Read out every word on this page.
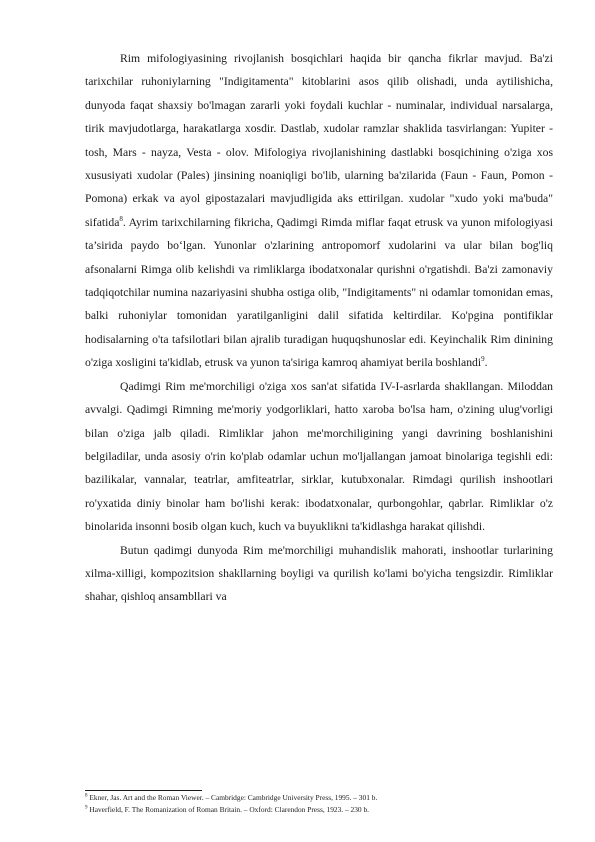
Rim mifologiyasining rivojlanish bosqichlari haqida bir qancha fikrlar mavjud. Ba'zi tarixchilar ruhoniylarning "Indigitamenta" kitoblarini asos qilib olishadi, unda aytilishicha, dunyoda faqat shaxsiy bo'lmagan zararli yoki foydali kuchlar - numinalar, individual narsalarga, tirik mavjudotlarga, harakatlarga xosdir. Dastlab, xudolar ramzlar shaklida tasvirlangan: Yupiter - tosh, Mars - nayza, Vesta - olov. Mifologiya rivojlanishining dastlabki bosqichining o'ziga xos xususiyati xudolar (Pales) jinsining noaniqligi bo'lib, ularning ba'zilarida (Faun - Faun, Pomon - Pomona) erkak va ayol gipostazalari mavjudligida aks ettirilgan. xudolar "xudo yoki ma'buda" sifatida$^8$. Ayrim tarixchilarning fikricha, Qadimgi Rimda miflar faqat etrusk va yunon mifologiyasi ta’sirida paydo bo‘lgan. Yunonlar o'zlarining antropomorf xudolarini va ular bilan bog'liq afsonalarni Rimga olib kelishdi va rimliklarga ibodatxonalar qurishni o'rgatishdi. Ba'zi zamonaviy tadqiqotchilar numina nazariyasini shubha ostiga olib, "Indigitaments" ni odamlar tomonidan emas, balki ruhoniylar tomonidan yaratilganligini dalil sifatida keltirdilar. Ko'pgina pontifiklar hodisalarning o'ta tafsilotlari bilan ajralib turadigan huquqshunoslar edi. Keyinchalik Rim dinining o'ziga xosligini ta'kidlab, etrusk va yunon ta'siriga kamroq ahamiyat berila boshlandi$^9$.

Qadimgi Rim me'morchiligi o'ziga xos san'at sifatida IV-I-asrlarda shakllangan. Miloddan avvalgi. Qadimgi Rimning me'moriy yodgorliklari, hatto xaroba bo'lsa ham, o'zining ulug'vorligi bilan o'ziga jalb qiladi. Rimliklar jahon me'morchiligining yangi davrining boshlanishini belgiladilar, unda asosiy o'rin ko'plab odamlar uchun mo'ljallangan jamoat binolariga tegishli edi: bazilikalar, vannalar, teatrlar, amfiteatrlar, sirklar, kutubxonalar. Rimdagi qurilish inshootlari ro'yxatida diniy binolar ham bo'lishi kerak: ibodatxonalar, qurbongohlar, qabrlar. Rimliklar o'z binolarida insonni bosib olgan kuch, kuch va buyuklikni ta'kidlashga harakat qilishdi.

Butun qadimgi dunyoda Rim me'morchiligi muhandislik mahorati, inshootlar turlarining xilma-xilligi, kompozitsion shakllarning boyligi va qurilish ko'lami bo'yicha tengsizdir. Rimliklar shahar, qishloq ansambllari va

$^8$ Ekner, Jas. Art and the Roman Viewer. – Cambridge: Cambridge University Press, 1995. – 301 b.

$^9$ Haverfield, F. The Romanization of Roman Britain. – Oxford: Clarendon Press, 1923. – 230 b.
